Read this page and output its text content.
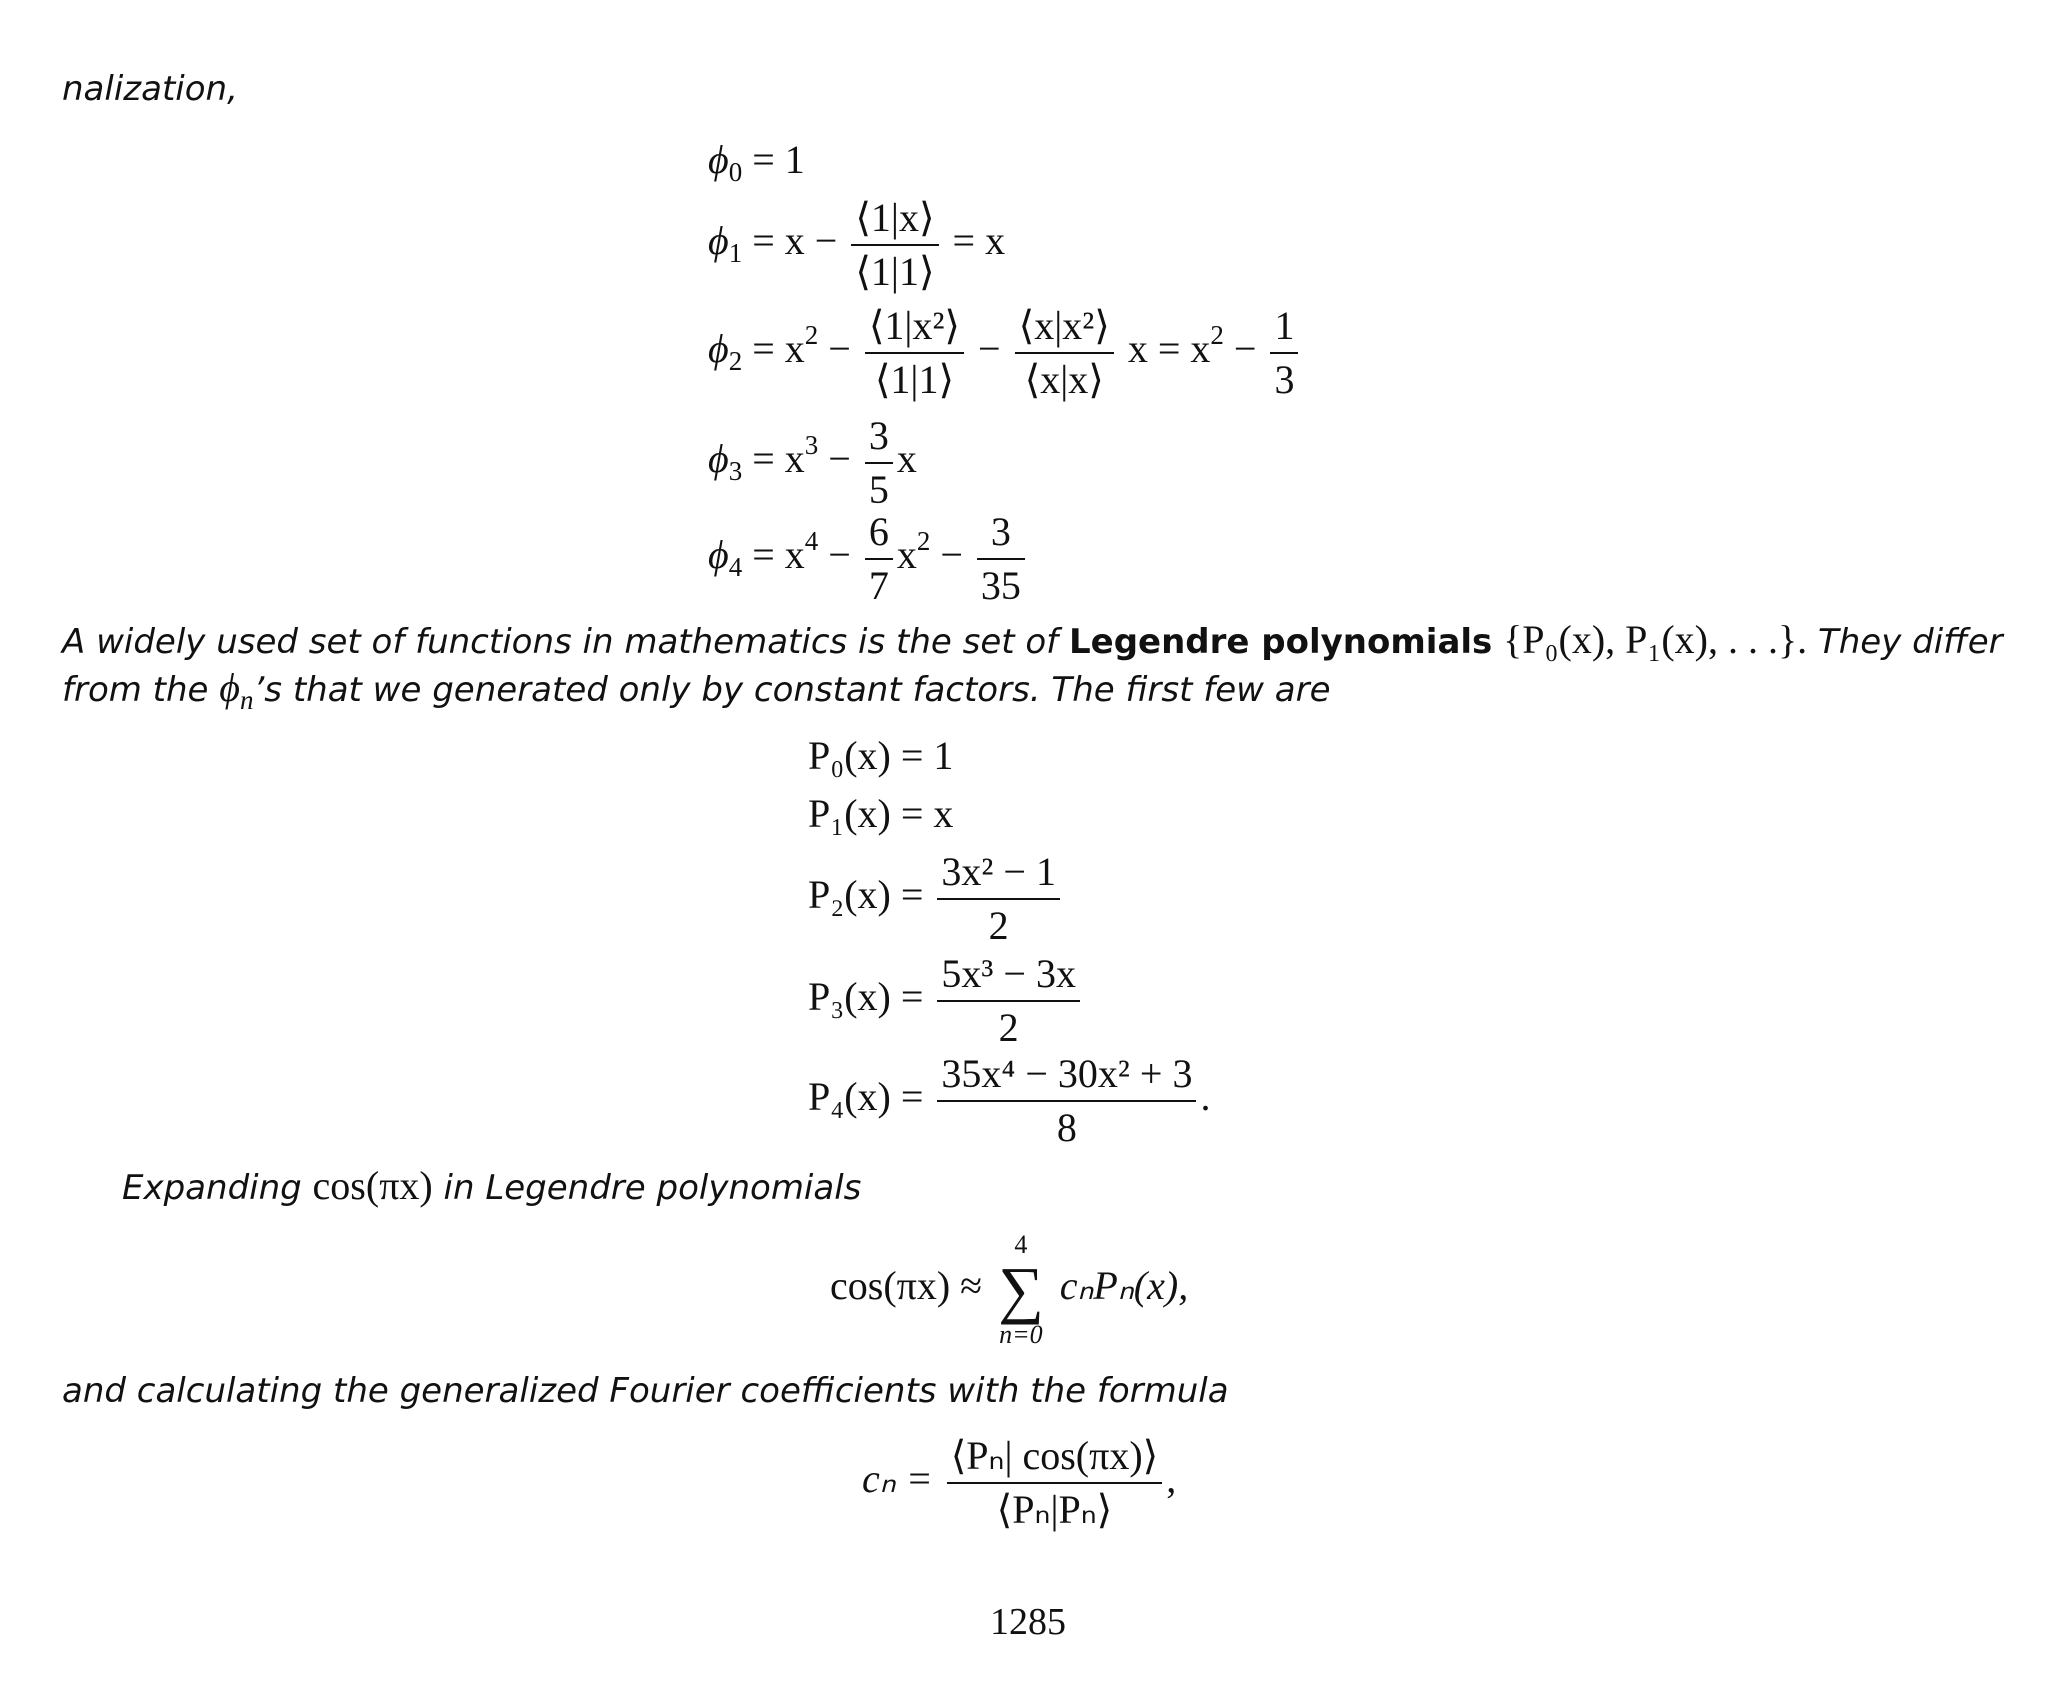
nalization,
$\phi_0 = 1$
$\phi_1 = x - \frac{⟨1|x⟩}{⟨1|1⟩} = x$
$\phi_2 = x^2 - \frac{\text{⟨1|x²⟩}}{⟨1|1⟩} - \frac{\text{⟨x|x²⟩}}{⟨x|x⟩}$ $x = x^2 - \frac{1}{3}$
$\phi_3 = x^3 - \frac{3}{5}$ x
$\phi_4 = x^4 - \frac{6}{7} x^2 - \frac{3}{35}$
A widely used set of functions in mathematics is the set of Legendre polynomials {P₀(x), P₁(x), . . .}. They differ
from the $\phi_n’s$ that we generated only by constant factors. The first few are
P₀(x) = 1
P₁(x) = x
$P_2(x) = \frac{\text{3x² − 1}}{2}$
$P_3(x) = \frac{\text{5x³ − 3x}}{2}$
$P_4(x) = \frac{\text{35x⁴ − 30x² + 3}}{8}$ .
Expanding cos(πx) in Legendre polynomials
cos(πx) ≈
4
∑
n=0
cₙPₙ(x),
and calculating the generalized Fourier coefficients with the formula
$c_n = \frac{\text{⟨Pₙ| cos(πx)⟩}}{\text{⟨Pₙ|Pₙ⟩}}$ ,
1285
